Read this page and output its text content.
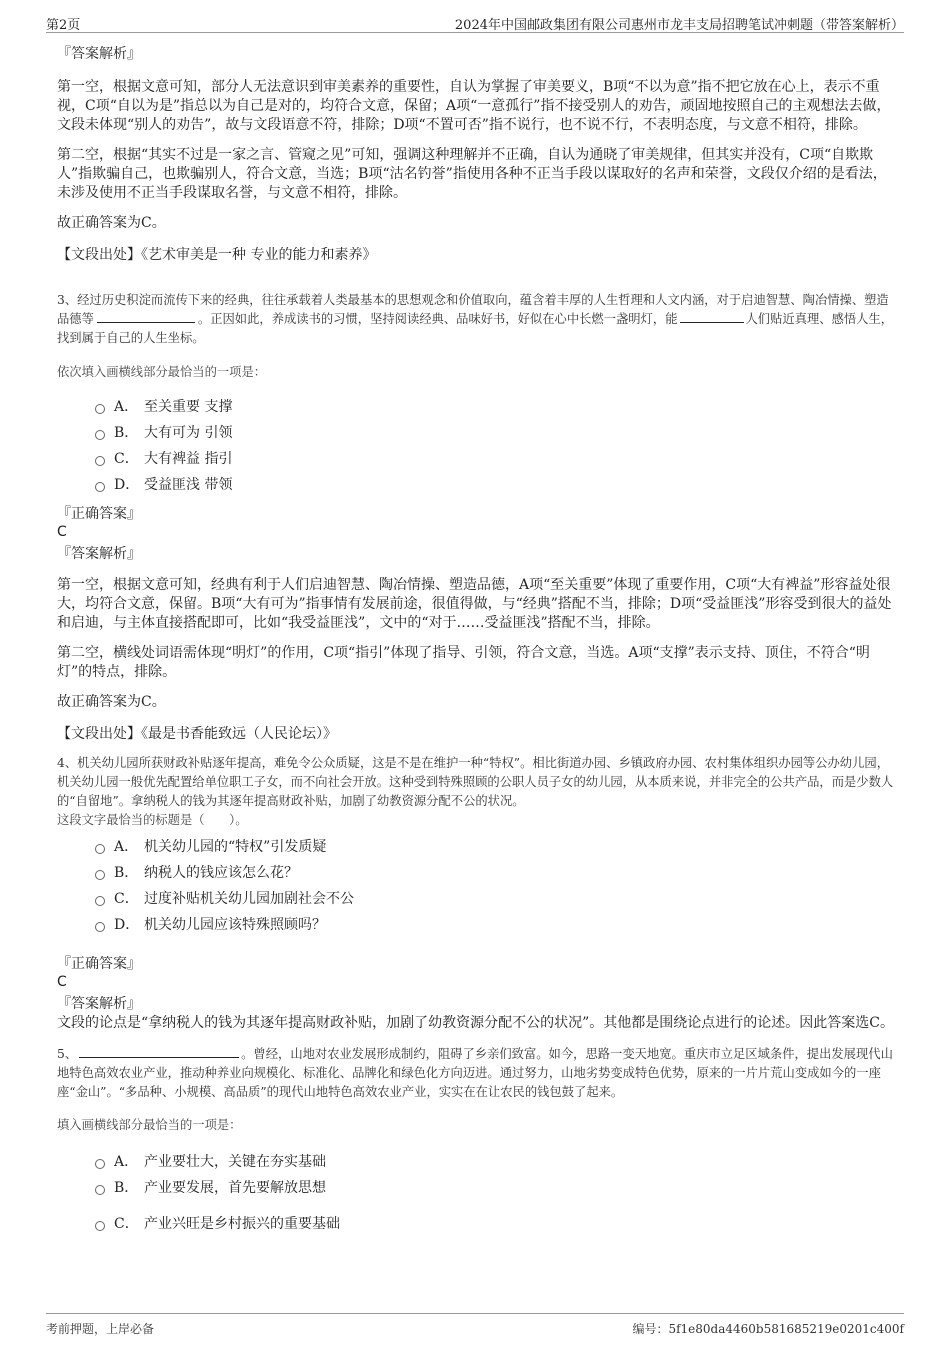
第2页	2024年中国邮政集团有限公司惠州市龙丰支局招聘笔试冲刺题（带答案解析）
『答案解析』

第一空，根据文意可知，部分人无法意识到审美素养的重要性，自认为掌握了审美要义，B项“不以为意”指不把它放在心上，表示不重视，C项“自以为是”指总以为自己是对的，均符合文意，保留；A项“一意孤行”指不接受别人的劝告，顽固地按照自己的主观想法去做，文段未体现“别人的劝告”，故与文段语意不符，排除；D项“不置可否”指不说行，也不说不行，不表明态度，与文意不相符，排除。

第二空，根据“其实不过是一家之言、管窥之见”可知，强调这种理解并不正确，自认为通晓了审美规律，但其实并没有，C项“自欺欺人”指欺骗自己，也欺骗别人，符合文意，当选；B项“沽名钓誉”指使用各种不正当手段以谋取好的名声和荣誉，文段仅介绍的是看法，未涉及使用不正当手段谋取名誉，与文意不相符，排除。

故正确答案为C。

【文段出处】《艺术审美是一种 专业的能力和素养》

3、经过历史积淀而流传下来的经典，往往承载着人类最基本的思想观念和价值取向，蕴含着丰厚的人生哲理和人文内涵，对于启迪智慧、陶冶情操、塑造品德等	。正因如此，养成读书的习惯，坚持阅读经典、品味好书，好似在心中长燃一盏明灯，能	人们贴近真理、感悟人生，找到属于自己的人生坐标。

依次填入画横线部分最恰当的一项是：

A． 至关重要 支撑
B． 大有可为 引领
C． 大有裨益 指引
D． 受益匪浅 带领
『正确答案』
C
『答案解析』

第一空，根据文意可知，经典有利于人们启迪智慧、陶冶情操、塑造品德，A项“至关重要”体现了重要作用，C项“大有裨益”形容益处很大，均符合文意，保留。B项“大有可为”指事情有发展前途，很值得做，与“经典”搭配不当，排除；D项“受益匪浅”形容受到很大的益处和启迪，与主体直接搭配即可，比如“我受益匪浅”，文中的“对于……受益匪浅”搭配不当，排除。

第二空，横线处词语需体现“明灯”的作用，C项“指引”体现了指导、引领，符合文意，当选。A项“支撑”表示支持、顶住，不符合“明灯”的特点，排除。

故正确答案为C。

【文段出处】《最是书香能致远（人民论坛）》

4、机关幼儿园所获财政补贴逐年提高，难免令公众质疑，这是不是在维护一种“特权”。相比街道办园、乡镇政府办园、农村集体组织办园等公办幼儿园，机关幼儿园一般优先配置给单位职工子女，而不向社会开放。这种受到特殊照顾的公职人员子女的幼儿园，从本质来说，并非完全的公共产品，而是少数人的“自留地”。拿纳税人的钱为其逐年提高财政补贴，加剧了幼教资源分配不公的状况。

这段文字最恰当的标题是（　　）。

A． 机关幼儿园的“特权”引发质疑
B． 纳税人的钱应该怎么花？
C． 过度补贴机关幼儿园加剧社会不公
D． 机关幼儿园应该特殊照顾吗？
『正确答案』
C
『答案解析』

文段的论点是“拿纳税人的钱为其逐年提高财政补贴，加剧了幼教资源分配不公的状况”。其他都是围绕论点进行的论述。因此答案选C。

5、	。曾经，山地对农业发展形成制约，阻碍了乡亲们致富。如今，思路一变天地宽。重庆市立足区域条件，提出发展现代山地特色高效农业产业，推动种养业向规模化、标准化、品牌化和绿色化方向迈进。通过努力，山地劣势变成特色优势，原来的一片片荒山变成如今的一座座“金山”。“多品种、小规模、高品质”的现代山地特色高效农业产业，实实在在让农民的钱包鼓了起来。

填入画横线部分最恰当的一项是：

A． 产业要壮大，关键在夯实基础
B． 产业要发展，首先要解放思想
C． 产业兴旺是乡村振兴的重要基础
考前押题，上岸必备	编号：5f1e80da4460b581685219e0201c400f
